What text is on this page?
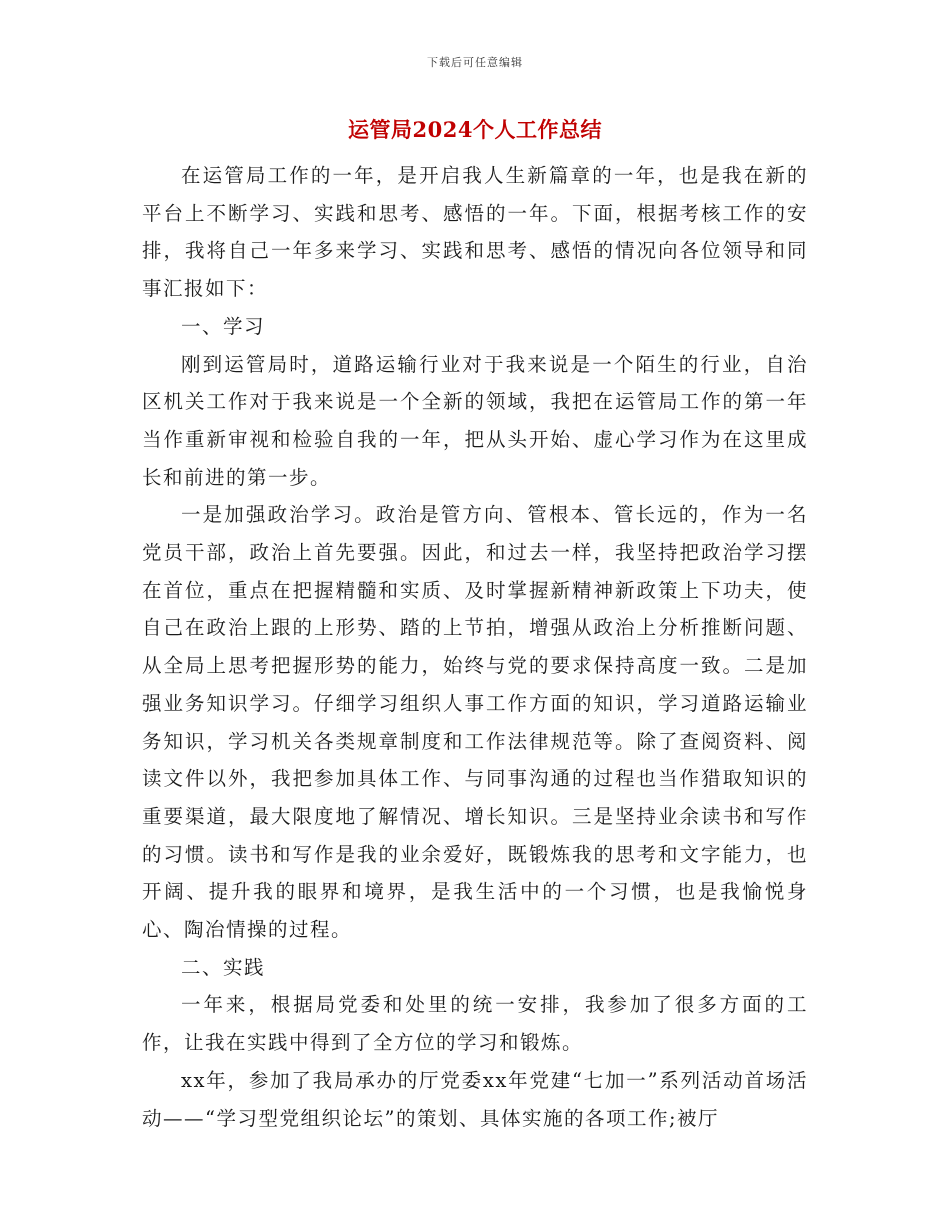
下载后可任意编辑
运管局2024个人工作总结

在运管局工作的一年，是开启我人生新篇章的一年，也是我在新的平台上不断学习、实践和思考、感悟的一年。下面，根据考核工作的安排，我将自己一年多来学习、实践和思考、感悟的情况向各位领导和同事汇报如下：

一、学习

刚到运管局时，道路运输行业对于我来说是一个陌生的行业，自治区机关工作对于我来说是一个全新的领域，我把在运管局工作的第一年当作重新审视和检验自我的一年，把从头开始、虚心学习作为在这里成长和前进的第一步。

一是加强政治学习。政治是管方向、管根本、管长远的，作为一名党员干部，政治上首先要强。因此，和过去一样，我坚持把政治学习摆在首位，重点在把握精髓和实质、及时掌握新精神新政策上下功夫，使自己在政治上跟的上形势、踏的上节拍，增强从政治上分析推断问题、从全局上思考把握形势的能力，始终与党的要求保持高度一致。二是加强业务知识学习。仔细学习组织人事工作方面的知识，学习道路运输业务知识，学习机关各类规章制度和工作法律规范等。除了查阅资料、阅读文件以外，我把参加具体工作、与同事沟通的过程也当作猎取知识的重要渠道，最大限度地了解情况、增长知识。三是坚持业余读书和写作的习惯。读书和写作是我的业余爱好，既锻炼我的思考和文字能力，也开阔、提升我的眼界和境界，是我生活中的一个习惯，也是我愉悦身心、陶冶情操的过程。

二、实践

一年来，根据局党委和处里的统一安排，我参加了很多方面的工作，让我在实践中得到了全方位的学习和锻炼。

xx年，参加了我局承办的厅党委xx年党建“七加一”系列活动首场活动——“学习型党组织论坛”的策划、具体实施的各项工作;被厅
